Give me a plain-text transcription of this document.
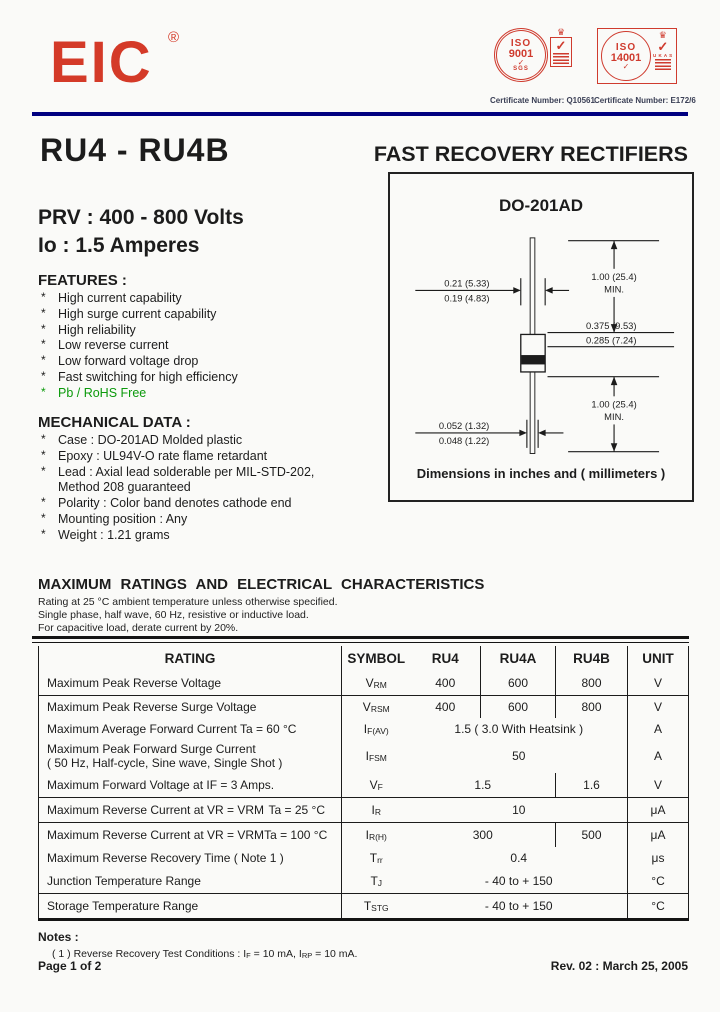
EIC ®	ISO
9001
✓
SGS
♛
✓
Certificate Number: Q10561
ISO
14001
✓
♛
✓
U K A S
Certificate Number: E172/6
RU4 - RU4B	FAST RECOVERY RECTIFIERS
PRV : 400 - 800 Volts
Io : 1.5 Amperes
FEATURES :
* High current capability
* High surge current capability
* High reliability
* Low reverse current
* Low forward voltage drop
* Fast switching for high efficiency
* Pb / RoHS Free
MECHANICAL DATA :
* Case : DO-201AD Molded plastic
* Epoxy : UL94V-O rate flame retardant
* Lead : Axial lead solderable per MIL-STD-202,
Method 208 guaranteed
* Polarity : Color band denotes cathode end
* Mounting position : Any
* Weight : 1.21 grams
DO-201AD
0.21 (5.33)
0.19 (4.83)
1.00 (25.4)
MIN.
0.375 (9.53)
0.285 (7.24)
1.00 (25.4)
MIN.
0.052 (1.32)
0.048 (1.22)
Dimensions in inches and ( millimeters )
MAXIMUM RATINGS AND ELECTRICAL CHARACTERISTICS
Rating at 25 °C ambient temperature unless otherwise specified.
Single phase, half wave, 60 Hz, resistive or inductive load.
For capacitive load, derate current by 20%.
RATING	SYMBOL	RU4	RU4A	RU4B	UNIT
Maximum Peak Reverse Voltage	VRM	400	600	800	V
Maximum Peak Reverse Surge Voltage	VRSM	400	600	800	V
Maximum Average Forward Current Ta = 60 °C	IF(AV)	1.5 ( 3.0 With Heatsink )			A

Maximum Peak Forward Surge Current
( 50 Hz, Half-cycle, Sine wave, Single Shot )	IFSM	50			A
Maximum Forward Voltage at IF = 3 Amps.	VF	1.5		1.6	V

Maximum Reverse Current at VR = VRM Ta = 25 °C	IR	10			μA

Maximum Reverse Current at VR = VRM Ta = 100 °C	IR(H)	300		500	μA
Maximum Reverse Recovery Time ( Note 1 )	Trr	0.4			μs
Junction Temperature Range	TJ	- 40 to + 150			°C
Storage Temperature Range	TSTG	- 40 to + 150			°C
Notes :
( 1 ) Reverse Recovery Test Conditions : IF = 10 mA, IRP = 10 mA.
Page 1 of 2	Rev. 02 : March 25, 2005
